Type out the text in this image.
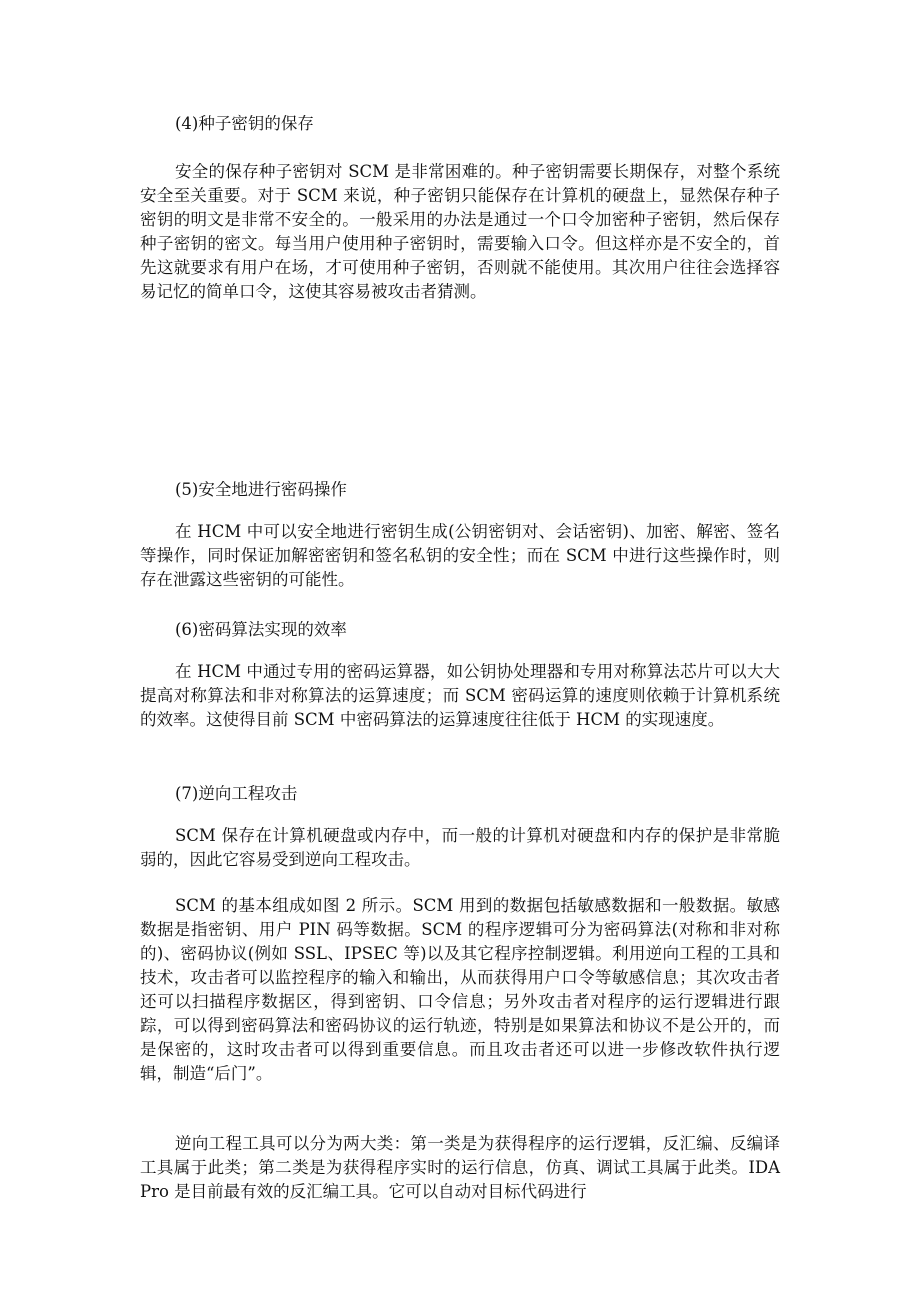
(4)种子密钥的保存

安全的保存种子密钥对 SCM 是非常困难的。种子密钥需要长期保存，对整个系统安全至关重要。对于 SCM 来说，种子密钥只能保存在计算机的硬盘上，显然保存种子密钥的明文是非常不安全的。一般采用的办法是通过一个口令加密种子密钥，然后保存种子密钥的密文。每当用户使用种子密钥时，需要输入口令。但这样亦是不安全的，首先这就要求有用户在场，才可使用种子密钥，否则就不能使用。其次用户往往会选择容易记忆的简单口令，这使其容易被攻击者猜测。

(5)安全地进行密码操作

在 HCM 中可以安全地进行密钥生成(公钥密钥对、会话密钥)、加密、解密、签名等操作，同时保证加解密密钥和签名私钥的安全性；而在 SCM 中进行这些操作时，则存在泄露这些密钥的可能性。

(6)密码算法实现的效率

在 HCM 中通过专用的密码运算器，如公钥协处理器和专用对称算法芯片可以大大提高对称算法和非对称算法的运算速度；而 SCM 密码运算的速度则依赖于计算机系统的效率。这使得目前 SCM 中密码算法的运算速度往往低于 HCM 的实现速度。

(7)逆向工程攻击

SCM 保存在计算机硬盘或内存中，而一般的计算机对硬盘和内存的保护是非常脆弱的，因此它容易受到逆向工程攻击。

SCM 的基本组成如图 2 所示。SCM 用到的数据包括敏感数据和一般数据。敏感数据是指密钥、用户 PIN 码等数据。SCM 的程序逻辑可分为密码算法(对称和非对称的)、密码协议(例如 SSL、IPSEC 等)以及其它程序控制逻辑。利用逆向工程的工具和技术，攻击者可以监控程序的输入和输出，从而获得用户口令等敏感信息；其次攻击者还可以扫描程序数据区，得到密钥、口令信息；另外攻击者对程序的运行逻辑进行跟踪，可以得到密码算法和密码协议的运行轨迹，特别是如果算法和协议不是公开的，而是保密的，这时攻击者可以得到重要信息。而且攻击者还可以进一步修改软件执行逻辑，制造“后门”。

逆向工程工具可以分为两大类：第一类是为获得程序的运行逻辑，反汇编、反编译工具属于此类；第二类是为获得程序实时的运行信息，仿真、调试工具属于此类。IDA Pro 是目前最有效的反汇编工具。它可以自动对目标代码进行
